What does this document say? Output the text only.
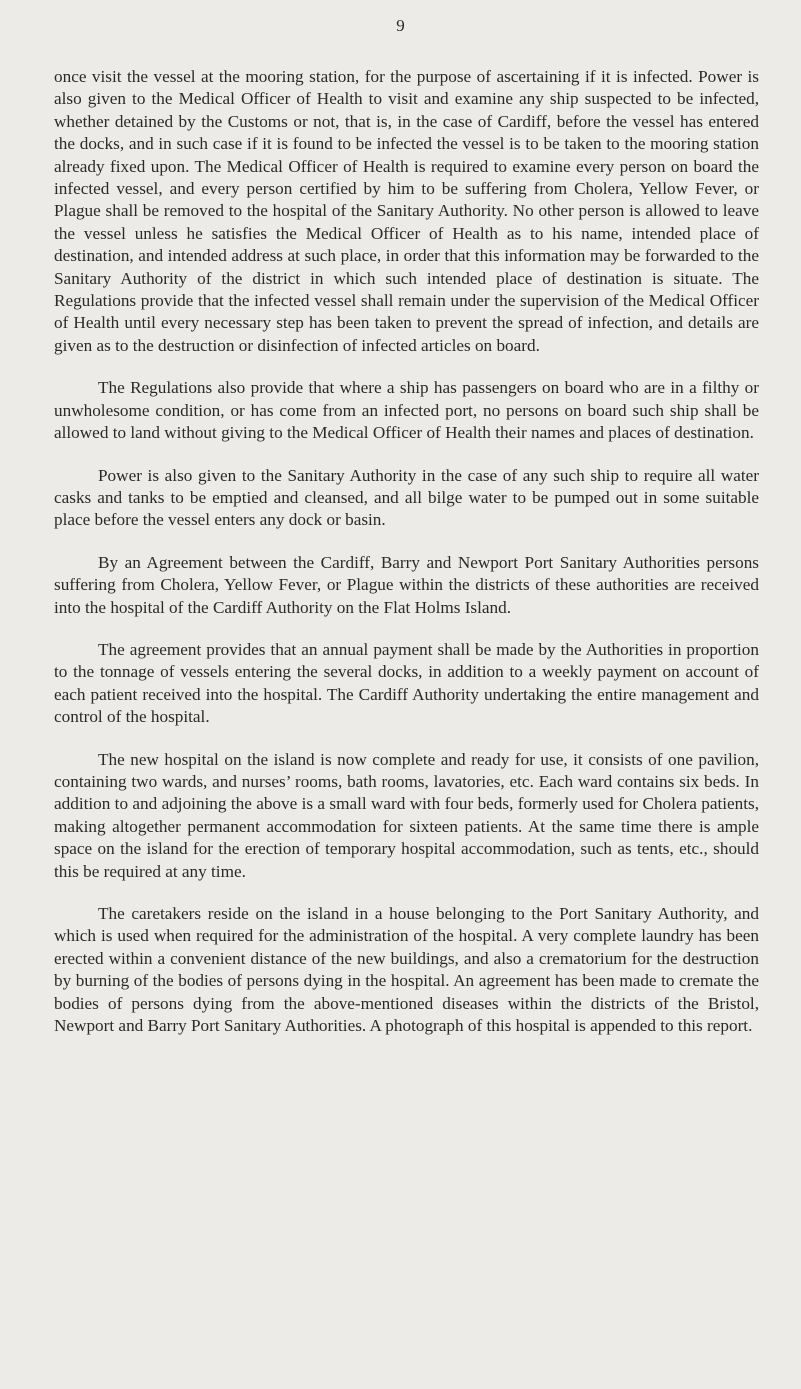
9

once visit the vessel at the mooring station, for the purpose of ascertaining if it is infected. Power is also given to the Medical Officer of Health to visit and examine any ship suspected to be infected, whether detained by the Customs or not, that is, in the case of Cardiff, before the vessel has entered the docks, and in such case if it is found to be infected the vessel is to be taken to the mooring station already fixed upon. The Medical Officer of Health is required to examine every person on board the infected vessel, and every person certified by him to be suffering from Cholera, Yellow Fever, or Plague shall be removed to the hospital of the Sanitary Authority. No other person is allowed to leave the vessel unless he satisfies the Medical Officer of Health as to his name, intended place of destination, and intended address at such place, in order that this information may be forwarded to the Sanitary Authority of the district in which such intended place of destination is situate. The Regulations provide that the infected vessel shall remain under the supervision of the Medical Officer of Health until every necessary step has been taken to prevent the spread of infection, and details are given as to the destruction or disinfection of infected articles on board.

The Regulations also provide that where a ship has passengers on board who are in a filthy or unwholesome condition, or has come from an infected port, no persons on board such ship shall be allowed to land without giving to the Medical Officer of Health their names and places of destination.

Power is also given to the Sanitary Authority in the case of any such ship to require all water casks and tanks to be emptied and cleansed, and all bilge water to be pumped out in some suitable place before the vessel enters any dock or basin.

By an Agreement between the Cardiff, Barry and Newport Port Sanitary Authorities persons suffering from Cholera, Yellow Fever, or Plague within the districts of these authorities are received into the hospital of the Cardiff Authority on the Flat Holms Island.

The agreement provides that an annual payment shall be made by the Authorities in proportion to the tonnage of vessels entering the several docks, in addition to a weekly payment on account of each patient received into the hospital. The Cardiff Authority undertaking the entire management and control of the hospital.

The new hospital on the island is now complete and ready for use, it consists of one pavilion, containing two wards, and nurses’ rooms, bath rooms, lavatories, etc. Each ward contains six beds. In addition to and adjoining the above is a small ward with four beds, formerly used for Cholera patients, making altogether permanent accommodation for sixteen patients. At the same time there is ample space on the island for the erection of temporary hospital accommodation, such as tents, etc., should this be required at any time.

The caretakers reside on the island in a house belonging to the Port Sanitary Authority, and which is used when required for the administration of the hospital. A very complete laundry has been erected within a convenient distance of the new buildings, and also a crematorium for the destruction by burning of the bodies of persons dying in the hospital. An agreement has been made to cremate the bodies of persons dying from the above-mentioned diseases within the districts of the Bristol, Newport and Barry Port Sanitary Authorities. A photograph of this hospital is appended to this report.
